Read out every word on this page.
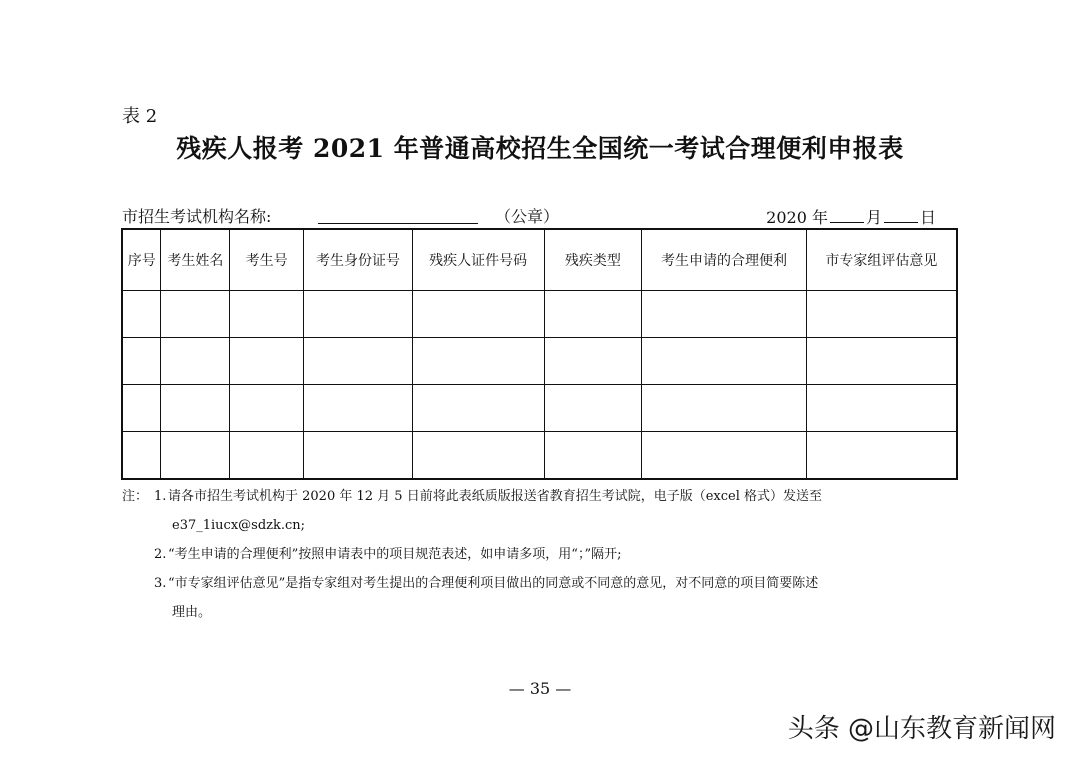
表 2
残疾人报考 2021 年普通高校招生全国统一考试合理便利申报表
市招生考试机构名称:	（公章）	2020 年 月 日
序号	考生姓名	考生号	考生身份证号	残疾人证件号码	残疾类型	考生申请的合理便利	市专家组评估意见

注： 1. 请各市招生考试机构于 2020 年 12 月 5 日前将此表纸质版报送省教育招生考试院，电子版（excel 格式）发送至
e37_1iucx@sdzk.cn;
2. “考生申请的合理便利”按照申请表中的项目规范表述，如申请多项，用“；”隔开;
3. “市专家组评估意见”是指专家组对考生提出的合理便利项目做出的同意或不同意的意见，对不同意的项目简要陈述
理由。
— 35 —
头条 @山东教育新闻网
